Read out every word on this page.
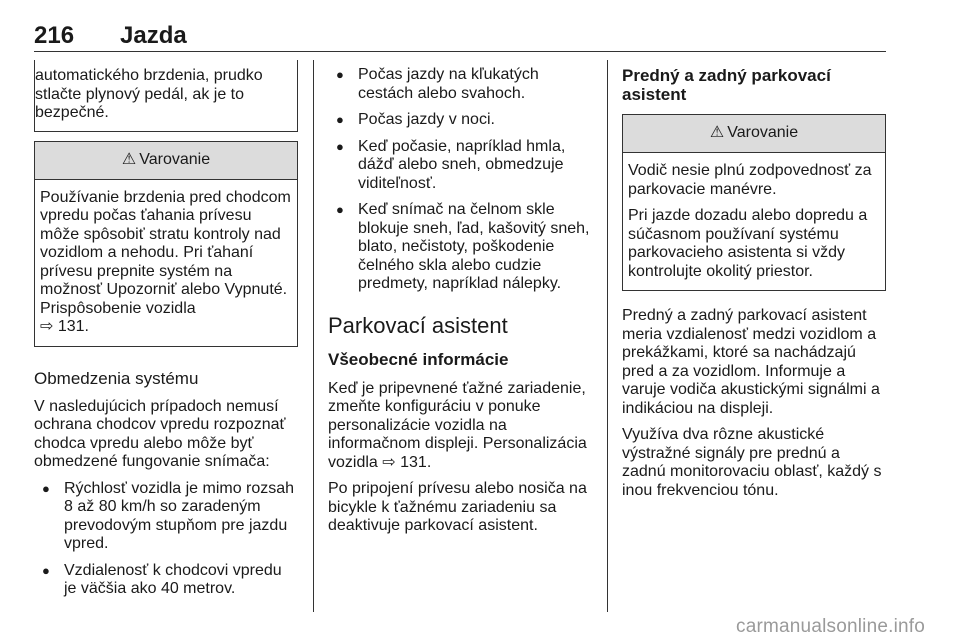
216 Jazda

automatického brzdenia, prudko stlačte plynový pedál, ak je to bezpečné.

⚠ Varovanie

Používanie brzdenia pred chodcom vpredu počas ťahania prívesu môže spôsobiť stratu kontroly nad vozidlom a nehodu. Pri ťahaní prívesu prepnite systém na možnosť Upozorniť alebo Vypnuté. Prispôsobenie vozidla
⇨ 131.

Obmedzenia systému

V nasledujúcich prípadoch nemusí ochrana chodcov vpredu rozpoznať chodca vpredu alebo môže byť obmedzené fungovanie snímača:

● Rýchlosť vozidla je mimo rozsah 8 až 80 km/h so zaradeným prevodovým stupňom pre jazdu vpred.
● Vzdialenosť k chodcovi vpredu je väčšia ako 40 metrov.
● Počas jazdy na kľukatých cestách alebo svahoch.
● Počas jazdy v noci.
● Keď počasie, napríklad hmla, dážď alebo sneh, obmedzuje viditeľnosť.
● Keď snímač na čelnom skle blokuje sneh, ľad, kašovitý sneh, blato, nečistoty, poškodenie čelného skla alebo cudzie predmety, napríklad nálepky.
Parkovací asistent
Všeobecné informácie

Keď je pripevnené ťažné zariadenie, zmeňte konfiguráciu v ponuke personalizácie vozidla na informačnom displeji. Personalizácia vozidla ⇨ 131.

Po pripojení prívesu alebo nosiča na bicykle k ťažnému zariadeniu sa deaktivuje parkovací asistent.

Predný a zadný parkovací asistent
⚠ Varovanie

Vodič nesie plnú zodpovednosť za parkovacie manévre.

Pri jazde dozadu alebo dopredu a súčasnom používaní systému parkovacieho asistenta si vždy kontrolujte okolitý priestor.

Predný a zadný parkovací asistent meria vzdialenosť medzi vozidlom a prekážkami, ktoré sa nachádzajú pred a za vozidlom. Informuje a varuje vodiča akustickými signálmi a indikáciou na displeji.

Využíva dva rôzne akustické výstražné signály pre prednú a zadnú monitorovaciu oblasť, každý s inou frekvenciou tónu.

carmanualsonline.info
